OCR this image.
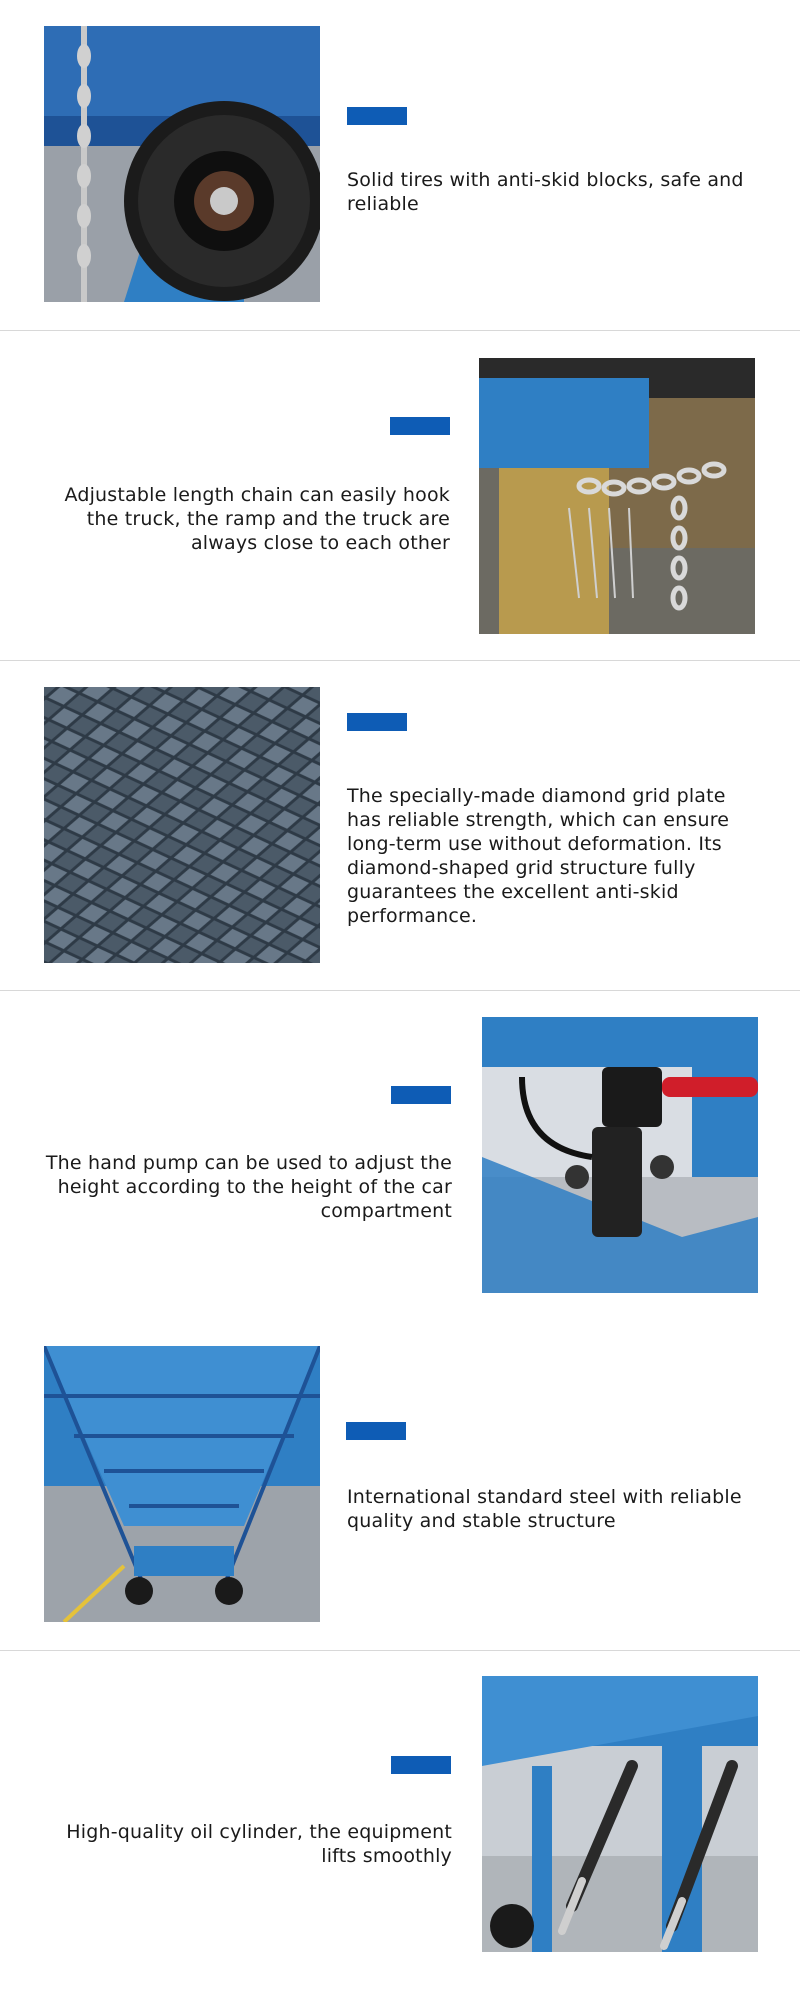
Solid tires with anti-skid blocks, safe and reliable
Adjustable length chain can easily hook the truck, the ramp and the truck are always close to each other
The specially-made diamond grid plate has reliable strength, which can ensure long-term use without deformation. Its diamond-shaped grid structure fully guarantees the excellent anti-skid performance.
The hand pump can be used to adjust the height according to the height of the car compartment
International standard steel with reliable quality and stable structure
High-quality oil cylinder, the equipment lifts smoothly
